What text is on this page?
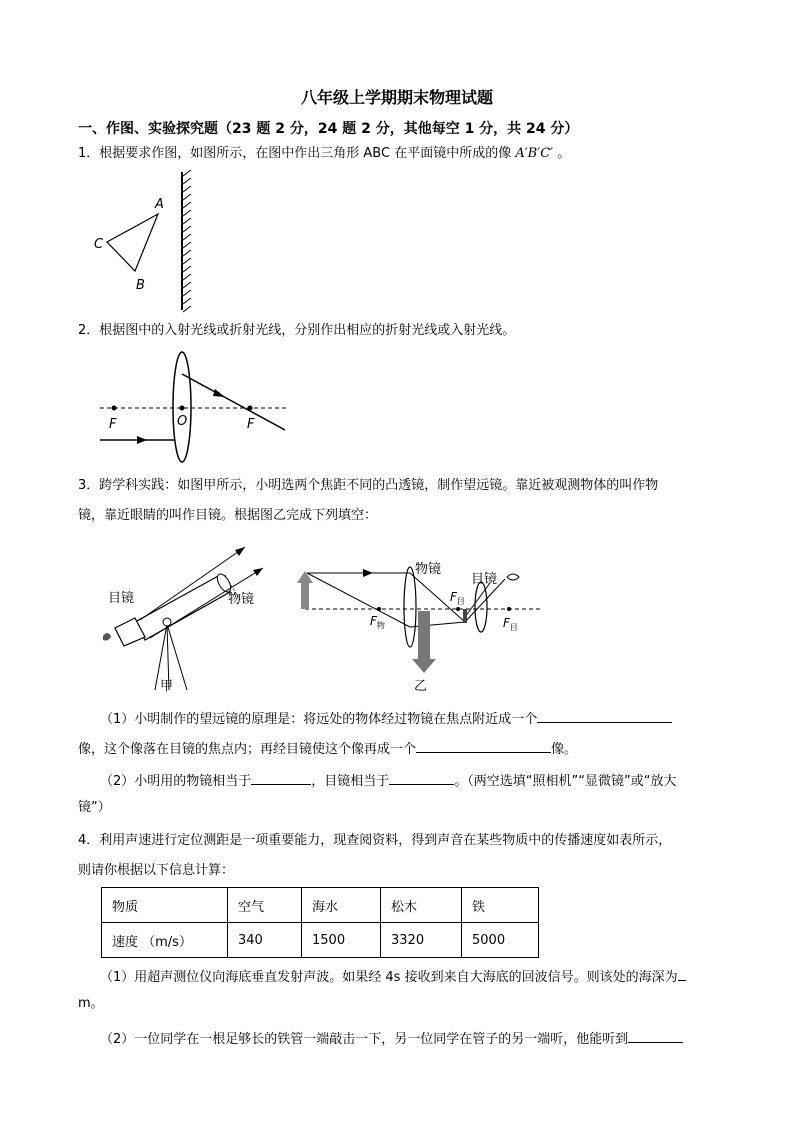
八年级上学期期末物理试题
一、作图、实验探究题（23 题 2 分，24 题 2 分，其他每空 1 分，共 24 分）
1．根据要求作图，如图所示，在图中作出三角形 ABC 在平面镜中所成的像 A′B′C′ 。
A
C
B
2．根据图中的入射光线或折射光线，分别作出相应的折射光线或入射光线。
F	O	F
3．跨学科实践：如图甲所示，小明选两个焦距不同的凸透镜，制作望远镜。靠近被观测物体的叫作物
镜，靠近眼睛的叫作目镜。根据图乙完成下列填空：
目镜	物镜
甲
物镜
目镜
$F_物$
$F_目$
$F_目$
乙
（1）小明制作的望远镜的原理是：将远处的物体经过物镜在焦点附近成一个
像，这个像落在目镜的焦点内；再经目镜使这个像再成一个	像。
（2）小明用的物镜相当于	，目镜相当于	。（两空选填“照相机”“显微镜”或“放大
镜”）
4．利用声速进行定位测距是一项重要能力，现查阅资料，得到声音在某些物质中的传播速度如表所示，
则请你根据以下信息计算：
物质	空气	海水	松木	铁
速度 （m/s）	340	1500	3320	5000
（1）用超声测位仪向海底垂直发射声波。如果经 4s 接收到来自大海底的回波信号。则该处的海深为
m。
（2）一位同学在一根足够长的铁管一端敲击一下，另一位同学在管子的另一端听，他能听到
